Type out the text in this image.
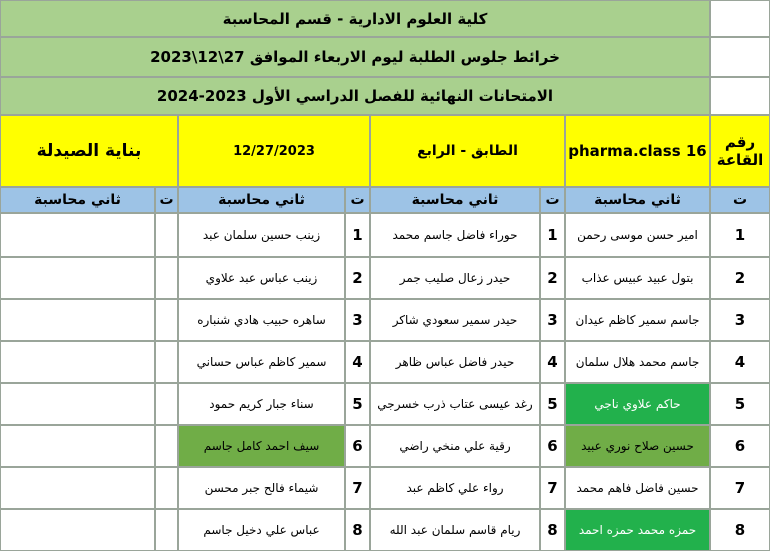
كلية العلوم الادارية - قسم المحاسبة
خرائط جلوس الطلبة ليوم الاربعاء الموافق 27\12\2023
الامتحانات النهائية للفصل الدراسي الأول 2023-2024
رقم القاعة
pharma.class 16
الطابق - الرابع
12/27/2023
بناية الصيدلة
ت
ثاني محاسبة
ت
ثاني محاسبة
ت
ثاني محاسبة
ت
ثاني محاسبة
1
امير حسن موسى رحمن
1
حوراء فاضل جاسم محمد
1
زينب حسين سلمان عبد
2
بتول عبيد عبيس عذاب
2
حيدر زعال صليب جمر
2
زينب عباس عبد علاوي
3
جاسم سمير كاظم عيدان
3
حيدر سمير سعودي شاكر
3
ساهره حبيب هادي شنباره
4
جاسم محمد هلال سلمان
4
حيدر فاضل عباس ظاهر
4
سمير كاظم عباس حساني
5
حاكم علاوي ناجي
5
رغد عيسى عتاب ذرب خسرجي
5
سناء جبار كريم حمود
6
حسين صلاح نوري عبيد
6
رقية علي منخي راضي
6
سيف احمد كامل جاسم
7
حسين فاضل فاهم محمد
7
رواء علي كاظم عبد
7
شيماء فالح جبر محسن
8
حمزه محمد حمزه احمد
8
ريام قاسم سلمان عبد الله
8
عباس علي دخيل جاسم
